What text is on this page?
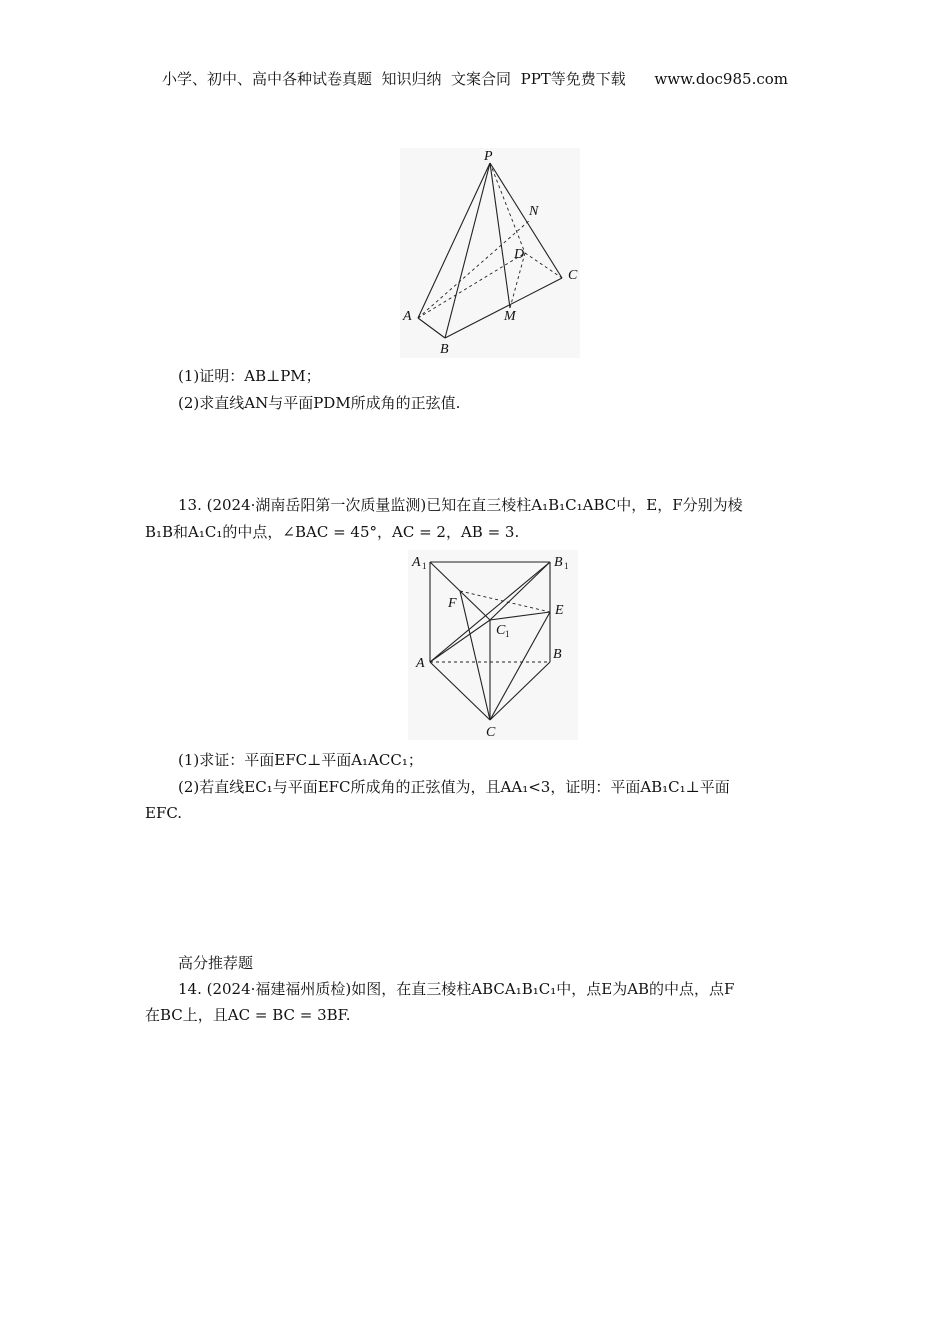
小学、初中、高中各种试卷真题  知识归纳  文案合同  PPT等免费下载      www.doc985.com
P
N
D
C
A	M
B
(1)证明：AB⊥PM；
(2)求直线AN与平面PDM所成角的正弦值.
13. (2024·湖南岳阳第一次质量监测)已知在直三棱柱A₁B₁C₁ABC中，E，F分别为棱
B₁B和A₁C₁的中点，∠BAC = 45°，AC = 2，AB = 3.
A 1	B 1
F	E
C 1
A
B
C
(1)求证：平面EFC⊥平面A₁ACC₁；
(2)若直线EC₁与平面EFC所成角的正弦值为，且AA₁<3，证明：平面AB₁C₁⊥平面
EFC.
高分推荐题
14. (2024·福建福州质检)如图，在直三棱柱ABCA₁B₁C₁中，点E为AB的中点，点F
在BC上，且AC = BC = 3BF.
